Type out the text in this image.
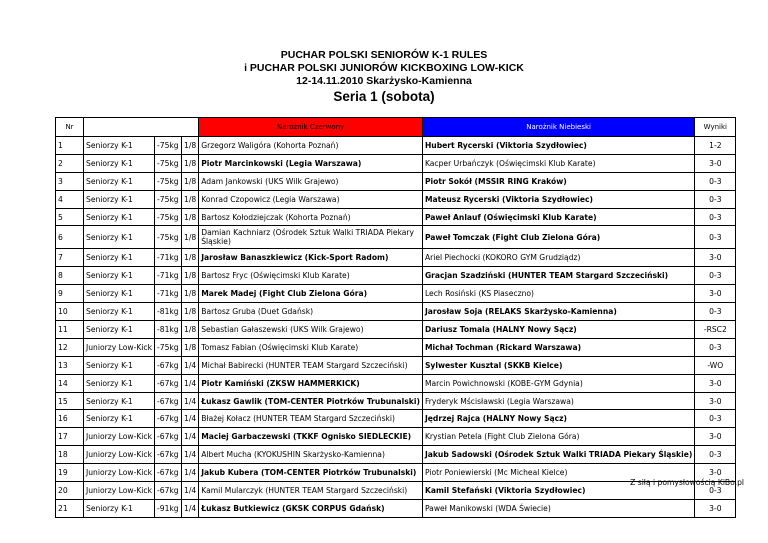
PUCHAR POLSKI SENIORÓW K-1 RULES
i PUCHAR POLSKI JUNIORÓW KICKBOXING LOW-KICK
12-14.11.2010 Skarżysko-Kamienna
Seria 1 (sobota)
Nr				Narożnik Czerwony	Narożnik Niebieski	Wyniki
1	Seniorzy K-1	-75kg	1/8	Grzegorz Waligóra (Kohorta Poznań)	Hubert Rycerski (Viktoria Szydłowiec)	1-2
2	Seniorzy K-1	-75kg	1/8	Piotr Marcinkowski (Legia Warszawa)	Kacper Urbańczyk (Oświęcimski Klub Karate)	3-0
3	Seniorzy K-1	-75kg	1/8	Adam Jankowski (UKS Wilk Grajewo)	Piotr Sokół (MSSIR RING Kraków)	0-3
4	Seniorzy K-1	-75kg	1/8	Konrad Czopowicz (Legia Warszawa)	Mateusz Rycerski (Viktoria Szydłowiec)	0-3
5	Seniorzy K-1	-75kg	1/8	Bartosz Kołodziejczak (Kohorta Poznań)	Paweł Anlauf (Oświęcimski Klub Karate)	0-3
6	Seniorzy K-1	-75kg	1/8	Damian Kachniarz (Ośrodek Sztuk Walki TRIADA Piekary Śląskie)	Paweł Tomczak (Fight Club Zielona Góra)	0-3
7	Seniorzy K-1	-71kg	1/8	Jarosław Banaszkiewicz (Kick-Sport Radom)	Ariel Piechocki (KOKORO GYM Grudziądz)	3-0
8	Seniorzy K-1	-71kg	1/8	Bartosz Fryc (Oświęcimski Klub Karate)	Gracjan Szadziński (HUNTER TEAM Stargard Szczeciński)	0-3
9	Seniorzy K-1	-71kg	1/8	Marek Madej (Fight Club Zielona Góra)	Lech Rosiński (KS Piaseczno)	3-0
10	Seniorzy K-1	-81kg	1/8	Bartosz Gruba (Duet Gdańsk)	Jarosław Soja (RELAKS Skarżysko-Kamienna)	0-3
11	Seniorzy K-1	-81kg	1/8	Sebastian Gałaszewski (UKS Wilk Grajewo)	Dariusz Tomala (HALNY Nowy Sącz)	-RSC2
12	Juniorzy Low-Kick	-75kg	1/8	Tomasz Fabian (Oświęcimski Klub Karate)	Michał Tochman (Rickard Warszawa)	0-3
13	Seniorzy K-1	-67kg	1/4	Michał Babirecki (HUNTER TEAM Stargard Szczeciński)	Sylwester Kusztal (SKKB Kielce)	-WO
14	Seniorzy K-1	-67kg	1/4	Piotr Kamiński (ZKSW HAMMERKICK)	Marcin Powichnowski (KOBE-GYM Gdynia)	3-0
15	Seniorzy K-1	-67kg	1/4	Łukasz Gawlik (TOM-CENTER Piotrków Trubunalski)	Fryderyk Mścisławski (Legia Warszawa)	3-0
16	Seniorzy K-1	-67kg	1/4	Błażej Kołacz (HUNTER TEAM Stargard Szczeciński)	Jędrzej Rajca (HALNY Nowy Sącz)	0-3
17	Juniorzy Low-Kick	-67kg	1/4	Maciej Garbaczewski (TKKF Ognisko SIEDLECKIE)	Krystian Petela (Fight Club Zielona Góra)	3-0
18	Juniorzy Low-Kick	-67kg	1/4	Albert Mucha (KYOKUSHIN Skarżysko-Kamienna)	Jakub Sadowski (Ośrodek Sztuk Walki TRIADA Piekary Śląskie)	0-3
19	Juniorzy Low-Kick	-67kg	1/4	Jakub Kubera (TOM-CENTER Piotrków Trubunalski)	Piotr Poniewierski (Mc Micheal Kielce)	3-0
20	Juniorzy Low-Kick	-67kg	1/4	Kamil Mularczyk (HUNTER TEAM Stargard Szczeciński)	Kamil Stefański (Viktoria Szydłowiec)	0-3
21	Seniorzy K-1	-91kg	1/4	Łukasz Butkiewicz (GKSK CORPUS Gdańsk)	Paweł Manikowski (WDA Świecie)	3-0
Z siłą i pomysłowością KiBo.pl
